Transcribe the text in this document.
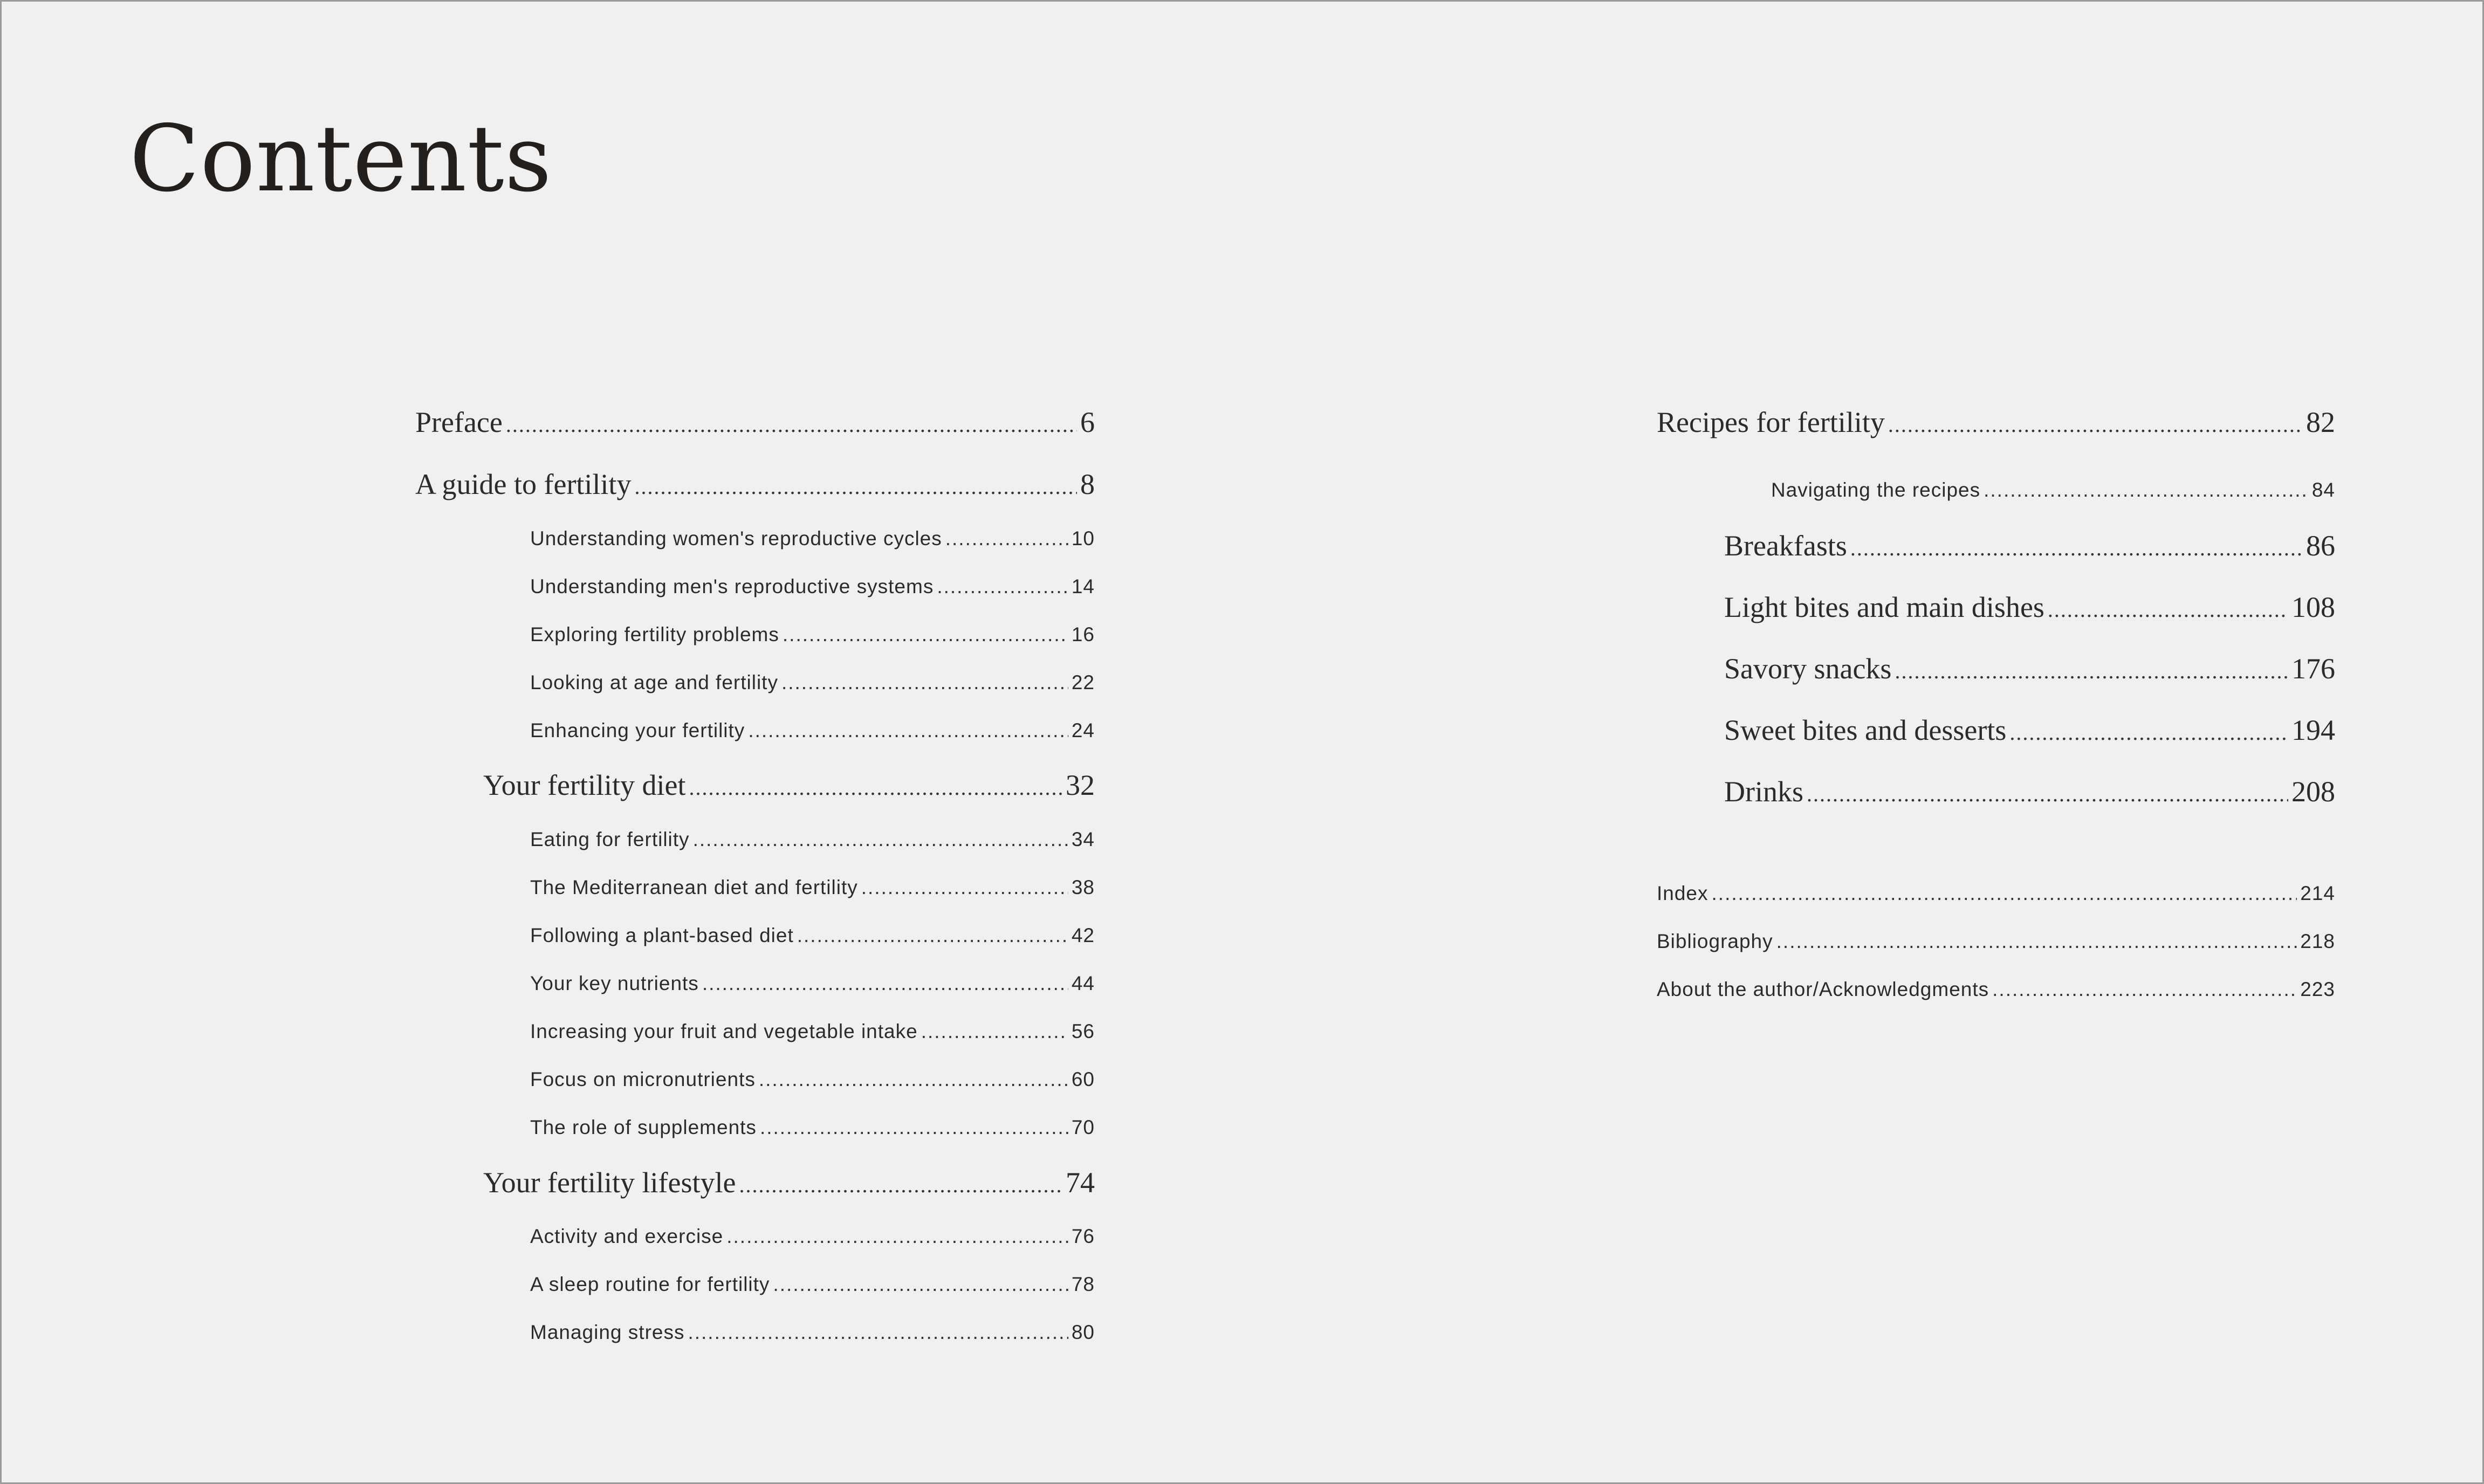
Contents
Preface .....	6
A guide to fertility .....	8
Understanding women's reproductive cycles .....	10
Understanding men's reproductive systems .....	14
Exploring fertility problems .....	16
Looking at age and fertility .....	22
Enhancing your fertility .....	24
Your fertility diet .....	32
Eating for fertility .....	34
The Mediterranean diet and fertility .....	38
Following a plant-based diet .....	42
Your key nutrients .....	44
Increasing your fruit and vegetable intake .....	56
Focus on micronutrients .....	60
The role of supplements .....	70
Your fertility lifestyle .....	74
Activity and exercise .....	76
A sleep routine for fertility .....	78
Managing stress .....	80
Recipes for fertility .....	82
Navigating the recipes .....	84
Breakfasts .....	86
Light bites and main dishes .....	108
Savory snacks .....	176
Sweet bites and desserts .....	194
Drinks .....	208
Index .....	214
Bibliography .....	218
About the author/Acknowledgments .....	223
